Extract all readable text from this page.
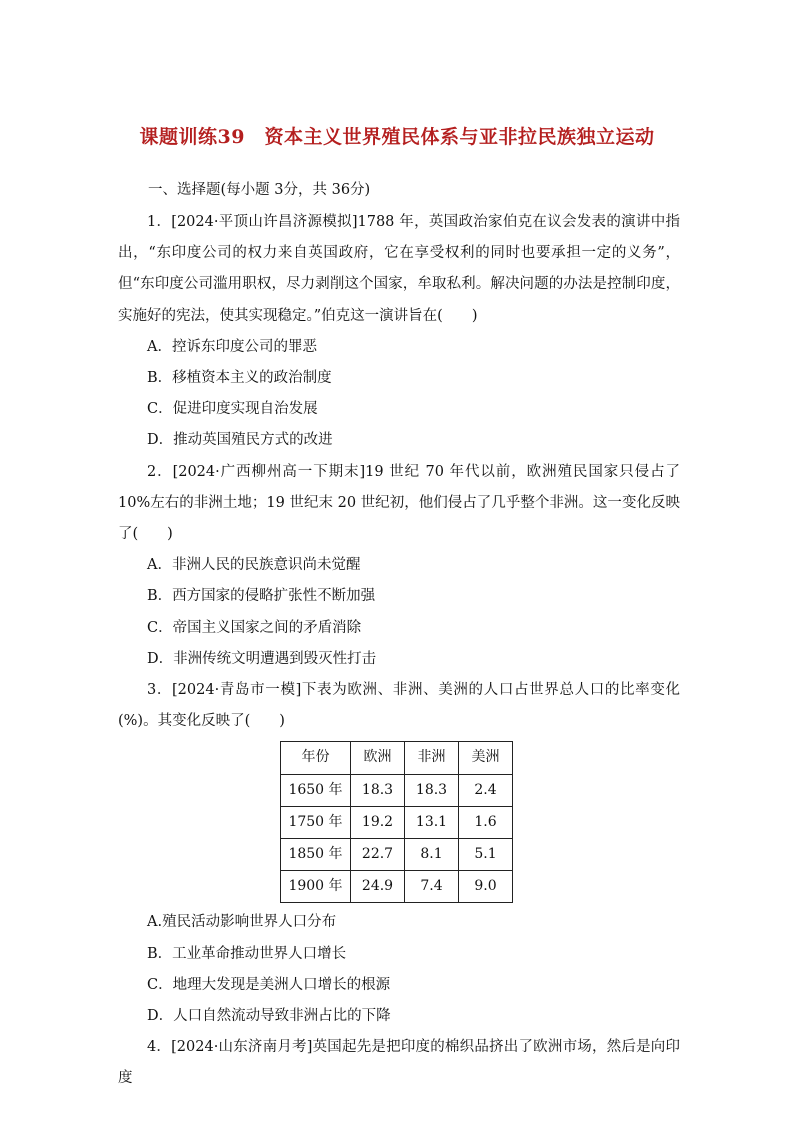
课题训练39　资本主义世界殖民体系与亚非拉民族独立运动
一、选择题(每小题 3分，共 36分)

1．[2024·平顶山许昌济源模拟]1788 年，英国政治家伯克在议会发表的演讲中指出，“东印度公司的权力来自英国政府，它在享受权利的同时也要承担一定的义务”，但“东印度公司滥用职权，尽力剥削这个国家，牟取私利。解决问题的办法是控制印度，实施好的宪法，使其实现稳定。”伯克这一演讲旨在(　　)

A．控诉东印度公司的罪恶

B．移植资本主义的政治制度

C．促进印度实现自治发展

D．推动英国殖民方式的改进

2．[2024·广西柳州高一下期末]19 世纪 70 年代以前，欧洲殖民国家只侵占了 10%左右的非洲土地；19 世纪末 20 世纪初，他们侵占了几乎整个非洲。这一变化反映了(　　)

A．非洲人民的民族意识尚未觉醒

B．西方国家的侵略扩张性不断加强

C．帝国主义国家之间的矛盾消除

D．非洲传统文明遭遇到毁灭性打击

3．[2024·青岛市一模]下表为欧洲、非洲、美洲的人口占世界总人口的比率变化(%)。其变化反映了(　　)

年份	欧洲	非洲	美洲
1650 年	18.3	18.3	2.4
1750 年	19.2	13.1	1.6
1850 年	22.7	8.1	5.1
1900 年	24.9	7.4	9.0

A.殖民活动影响世界人口分布

B．工业革命推动世界人口增长

C．地理大发现是美洲人口增长的根源

D．人口自然流动导致非洲占比的下降

4．[2024·山东济南月考]英国起先是把印度的棉织品挤出了欧洲市场，然后是向印度
